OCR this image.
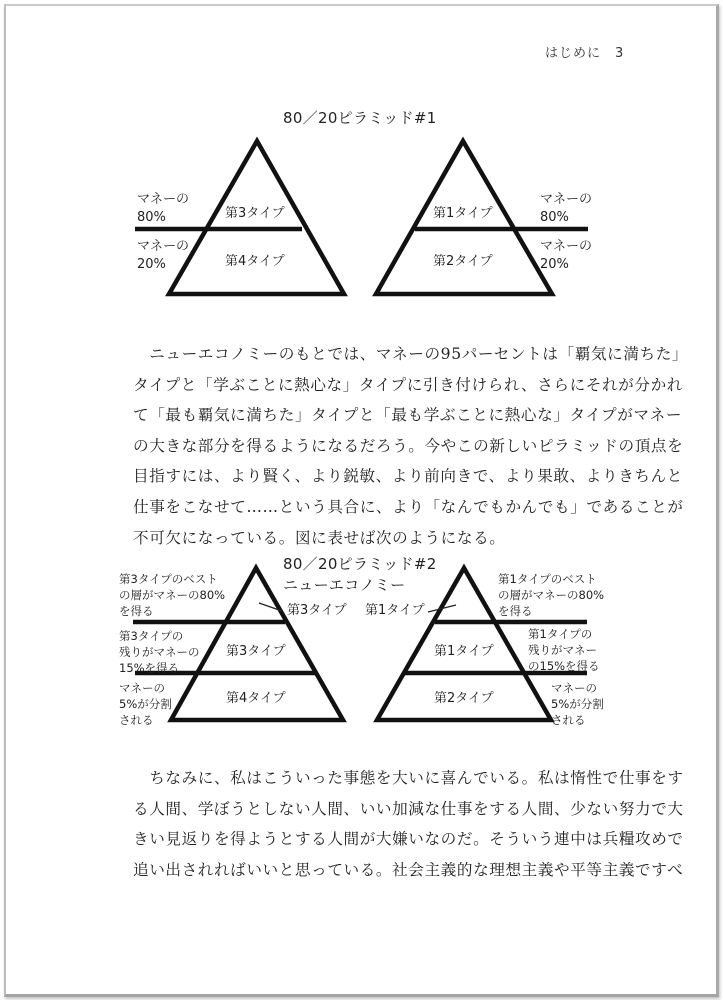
はじめに 3
80／20ピラミッド#1
第3タイプ
第4タイプ
マネーの
80%
マネーの
20%
第1タイプ
第2タイプ
マネーの
80%
マネーの
20%
　ニューエコノミーのもとでは、マネーの95パーセントは「覇気に満ちた」
タイプと「学ぶことに熱心な」タイプに引き付けられ、さらにそれが分かれ
て「最も覇気に満ちた」タイプと「最も学ぶことに熱心な」タイプがマネー
の大きな部分を得るようになるだろう。今やこの新しいピラミッドの頂点を
目指すには、より賢く、より鋭敏、より前向きで、より果敢、よりきちんと
仕事をこなせて……という具合に、より「なんでもかんでも」であることが
不可欠になっている。図に表せば次のようになる。
80／20ピラミッド#2
ニューエコノミー
第3タイプ
第3タイプ
第4タイプ
第3タイプのベスト
の層がマネーの80%
を得る
第3タイプの
残りがマネーの
15%を得る
マネーの
5%が分割
される
第1タイプ
第1タイプ
第2タイプ
第1タイプのベスト
の層がマネーの80%
を得る
第1タイプの
残りがマネー
の15%を得る
マネーの
5%が分割
される
　ちなみに、私はこういった事態を大いに喜んでいる。私は惰性で仕事をす
る人間、学ぼうとしない人間、いい加減な仕事をする人間、少ない努力で大
きい見返りを得ようとする人間が大嫌いなのだ。そういう連中は兵糧攻めで
追い出されればいいと思っている。社会主義的な理想主義や平等主義ですべ
